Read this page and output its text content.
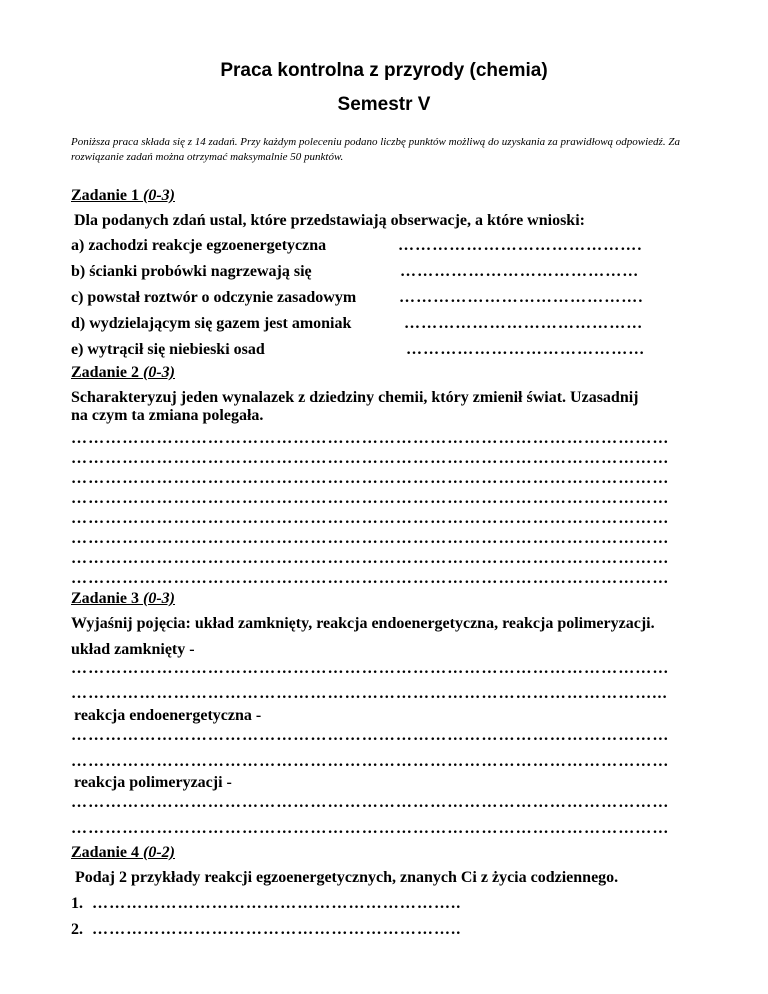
Praca kontrolna z przyrody (chemia)
Semestr V
Poniższa praca składa się z 14 zadań. Przy każdym poleceniu podano liczbę punktów możliwą do uzyskania za prawidłową odpowiedź. Za rozwiązanie zadań można otrzymać maksymalnie 50 punktów.
Zadanie 1 (0-3)
Dla podanych zdań ustal, które przedstawiają obserwacje, a które wnioski:
a) zachodzi reakcje egzoenergetyczna	…………………………………….
b) ścianki probówki nagrzewają się	……………………………………
c) powstał roztwór o odczynie zasadowym	…………………………………….
d) wydzielającym się gazem jest amoniak	……………………………………
e) wytrącił się niebieski osad	……………………………………
Zadanie 2 (0-3)
Scharakteryzuj jeden wynalazek z dziedziny chemii, który zmienił świat. Uzasadnij
na czym ta zmiana polegała.
……………………………………………………………………………………………
……………………………………………………………………………………………
……………………………………………………………………………………………
……………………………………………………………………………………………
……………………………………………………………………………………………
……………………………………………………………………………………………
……………………………………………………………………………………………
……………………………………………………………………………………………
Zadanie 3 (0-3)
Wyjaśnij pojęcia: układ zamknięty, reakcja endoenergetyczna, reakcja polimeryzacji.
układ zamknięty -
……………………………………………………………………………………………
…………………………………………………………………………………………...
reakcja endoenergetyczna -
……………………………………………………………………………………………
……………………………………………………………………………………………
reakcja polimeryzacji -
……………………………………………………………………………………………
……………………………………………………………………………………………
Zadanie 4 (0-2)
Podaj 2 przykłady reakcji egzoenergetycznych, znanych Ci z życia codziennego.
1. ………………………………………………………..
2. ………………………………………………………..
